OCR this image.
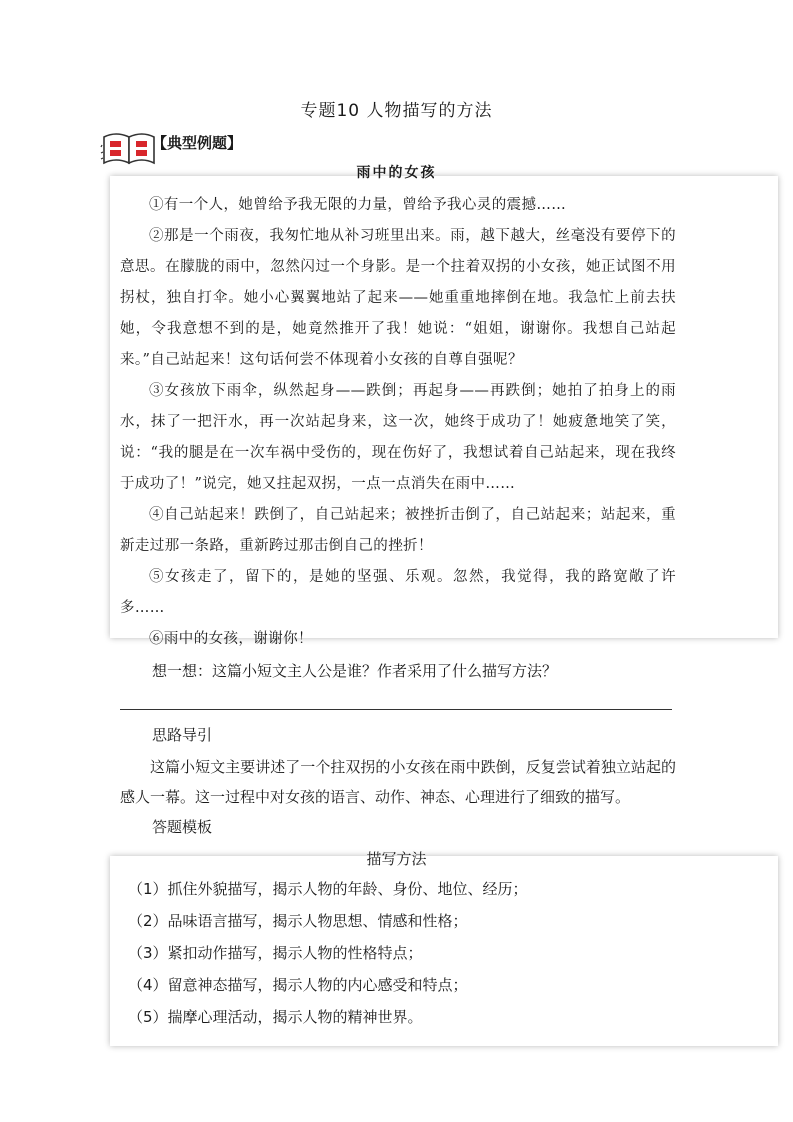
专题10 人物描写的方法
【典型例题】
雨中的女孩

①有一个人，她曾给予我无限的力量，曾给予我心灵的震撼……

②那是一个雨夜，我匆忙地从补习班里出来。雨，越下越大，丝毫没有要停下的意思。在朦胧的雨中，忽然闪过一个身影。是一个拄着双拐的小女孩，她正试图不用拐杖，独自打伞。她小心翼翼地站了起来——她重重地摔倒在地。我急忙上前去扶她，令我意想不到的是，她竟然推开了我！她说：“姐姐，谢谢你。我想自己站起来。”自己站起来！这句话何尝不体现着小女孩的自尊自强呢？

③女孩放下雨伞，纵然起身——跌倒；再起身——再跌倒；她拍了拍身上的雨水，抹了一把汗水，再一次站起身来，这一次，她终于成功了！她疲惫地笑了笑，说：“我的腿是在一次车祸中受伤的，现在伤好了，我想试着自己站起来，现在我终于成功了！”说完，她又拄起双拐，一点一点消失在雨中……

④自己站起来！跌倒了，自己站起来；被挫折击倒了，自己站起来；站起来，重新走过那一条路，重新跨过那击倒自己的挫折！

⑤女孩走了，留下的，是她的坚强、乐观。忽然，我觉得，我的路宽敞了许多……

⑥雨中的女孩，谢谢你！

想一想：这篇小短文主人公是谁？作者采用了什么描写方法？
思路导引
这篇小短文主要讲述了一个拄双拐的小女孩在雨中跌倒，反复尝试着独立站起的感人一幕。这一过程中对女孩的语言、动作、神态、心理进行了细致的描写。
答题模板
描写方法
（1）抓住外貌描写，揭示人物的年龄、身份、地位、经历；
（2）品味语言描写，揭示人物思想、情感和性格；
（3）紧扣动作描写，揭示人物的性格特点；
（4）留意神态描写，揭示人物的内心感受和特点；
（5）揣摩心理活动，揭示人物的精神世界。
